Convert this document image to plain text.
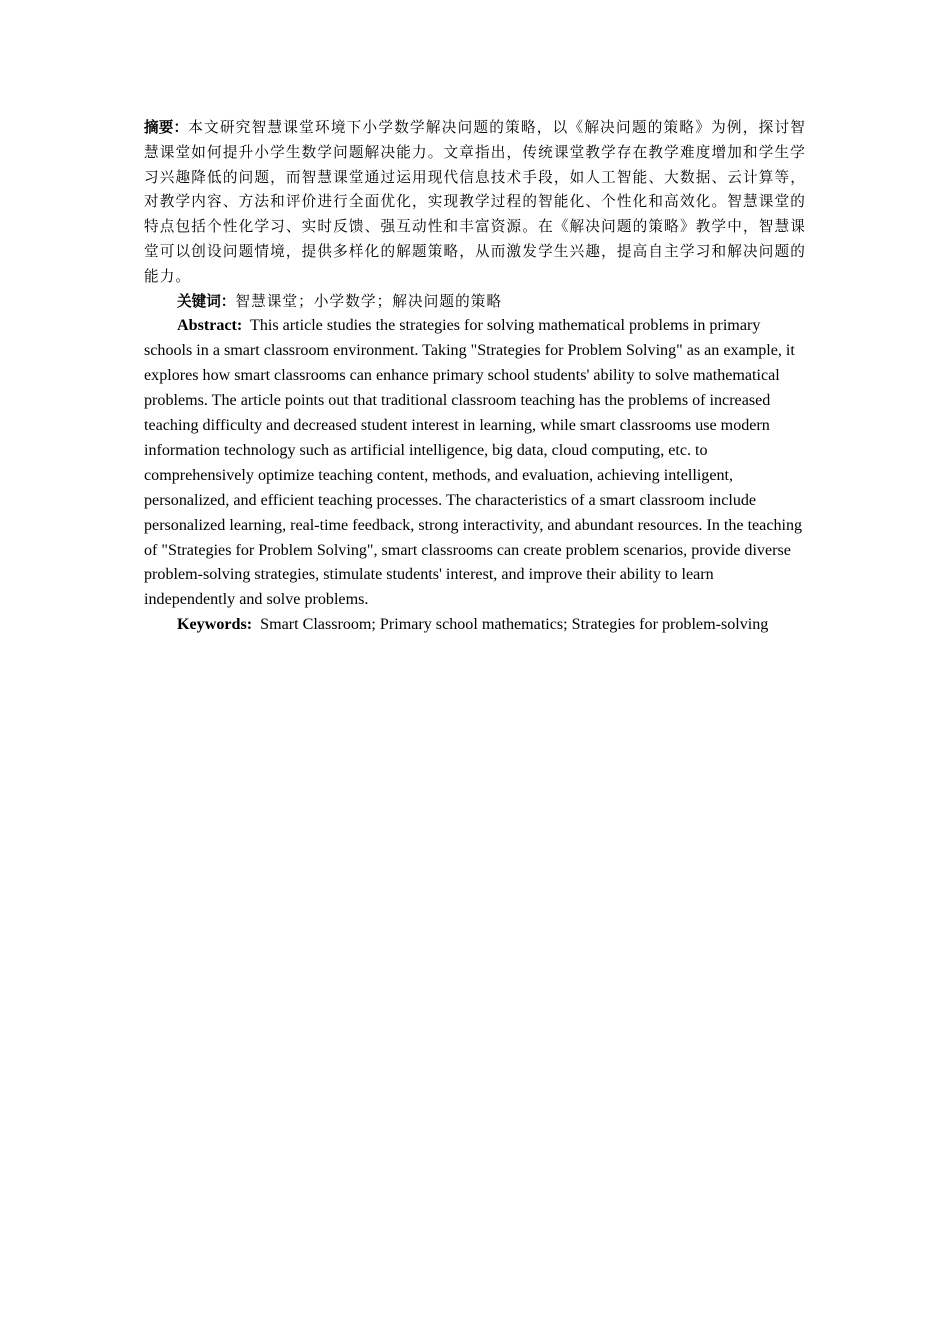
摘要：本文研究智慧课堂环境下小学数学解决问题的策略，以《解决问题的策略》为例，探讨智慧课堂如何提升小学生数学问题解决能力。文章指出，传统课堂教学存在教学难度增加和学生学习兴趣降低的问题，而智慧课堂通过运用现代信息技术手段，如人工智能、大数据、云计算等，对教学内容、方法和评价进行全面优化，实现教学过程的智能化、个性化和高效化。智慧课堂的特点包括个性化学习、实时反馈、强互动性和丰富资源。在《解决问题的策略》教学中，智慧课堂可以创设问题情境，提供多样化的解题策略，从而激发学生兴趣，提高自主学习和解决问题的能力。

关键词：智慧课堂；小学数学；解决问题的策略

Abstract: This article studies the strategies for solving mathematical problems in primary schools in a smart classroom environment. Taking "Strategies for Problem Solving" as an example, it explores how smart classrooms can enhance primary school students' ability to solve mathematical problems. The article points out that traditional classroom teaching has the problems of increased teaching difficulty and decreased student interest in learning, while smart classrooms use modern information technology such as artificial intelligence, big data, cloud computing, etc. to comprehensively optimize teaching content, methods, and evaluation, achieving intelligent, personalized, and efficient teaching processes. The characteristics of a smart classroom include personalized learning, real-time feedback, strong interactivity, and abundant resources. In the teaching of "Strategies for Problem Solving", smart classrooms can create problem scenarios, provide diverse problem-solving strategies, stimulate students' interest, and improve their ability to learn independently and solve problems.

Keywords: Smart Classroom; Primary school mathematics; Strategies for problem-solving
